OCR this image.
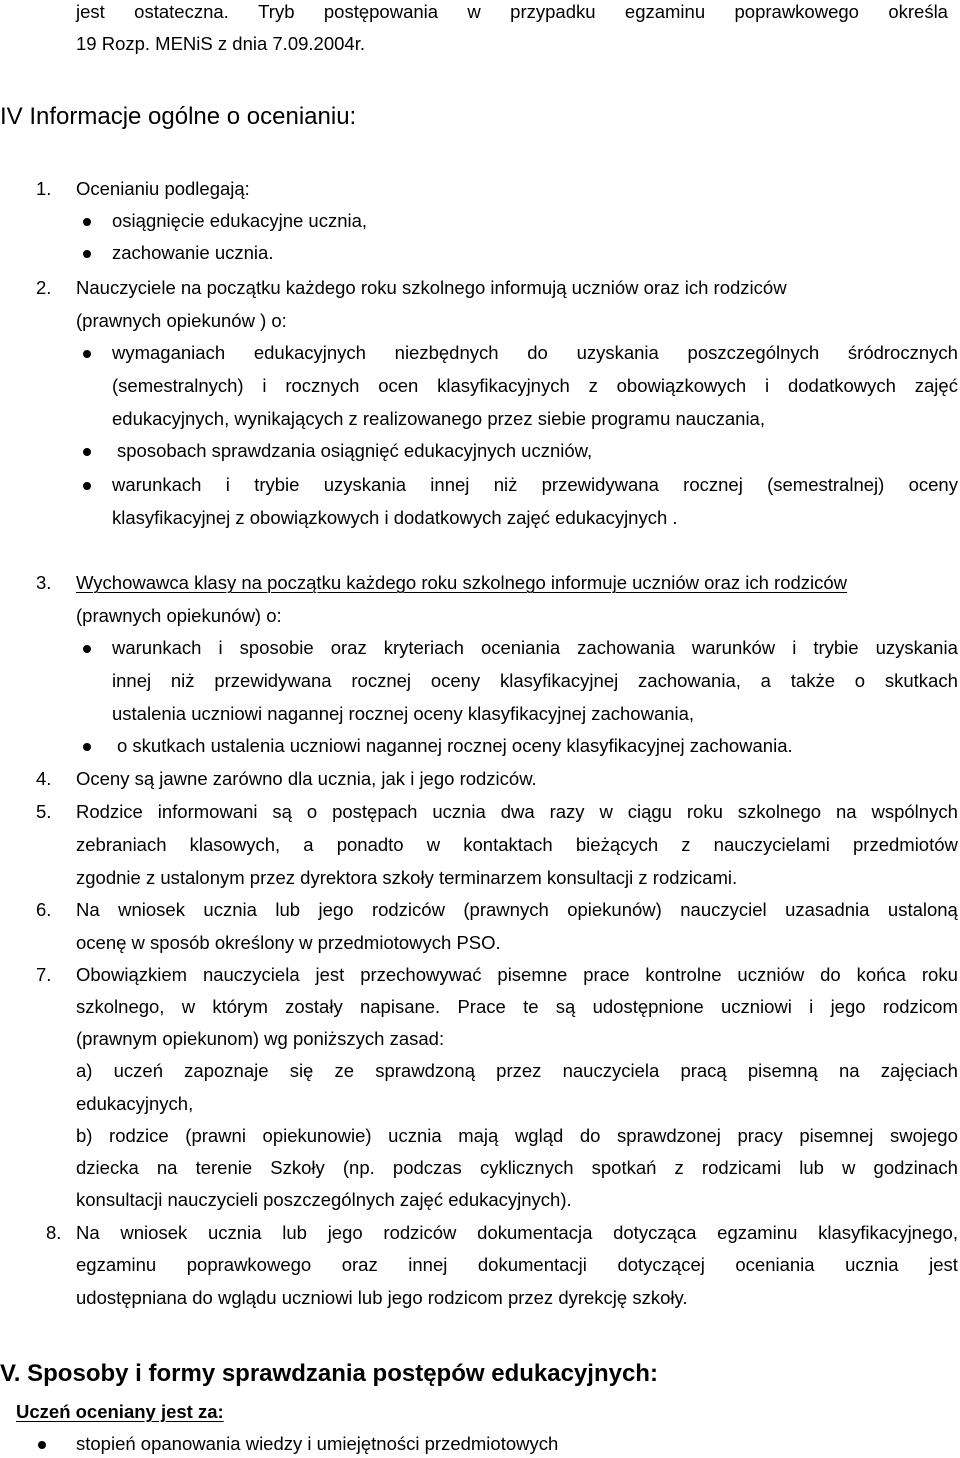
jest ostateczna. Tryb postępowania w przypadku egzaminu poprawkowego określa
19 Rozp. MENiS z dnia 7.09.2004r.
IV Informacje ogólne o ocenianiu:
1. Ocenianiu podlegają:
osiągnięcie edukacyjne ucznia,
zachowanie ucznia.
2. Nauczyciele na początku każdego roku szkolnego informują uczniów oraz ich rodziców
(prawnych opiekunów ) o:
wymaganiach edukacyjnych niezbędnych do uzyskania poszczególnych śródrocznych
(semestralnych) i rocznych ocen klasyfikacyjnych z obowiązkowych i dodatkowych zajęć
edukacyjnych, wynikających z realizowanego przez siebie programu nauczania,
sposobach sprawdzania osiągnięć edukacyjnych uczniów,
warunkach i trybie uzyskania innej niż przewidywana rocznej (semestralnej) oceny
klasyfikacyjnej z obowiązkowych i dodatkowych zajęć edukacyjnych .
3. Wychowawca klasy na początku każdego roku szkolnego informuje uczniów oraz ich rodziców
(prawnych opiekunów) o:
warunkach i sposobie oraz kryteriach oceniania zachowania warunków i trybie uzyskania
innej niż przewidywana rocznej oceny klasyfikacyjnej zachowania, a także o skutkach
ustalenia uczniowi nagannej rocznej oceny klasyfikacyjnej zachowania,
o skutkach ustalenia uczniowi nagannej rocznej oceny klasyfikacyjnej zachowania.
4. Oceny są jawne zarówno dla ucznia, jak i jego rodziców.
5. Rodzice informowani są o postępach ucznia dwa razy w ciągu roku szkolnego na wspólnych
zebraniach klasowych, a ponadto w kontaktach bieżących z nauczycielami przedmiotów
zgodnie z ustalonym przez dyrektora szkoły terminarzem konsultacji z rodzicami.
6. Na wniosek ucznia lub jego rodziców (prawnych opiekunów) nauczyciel uzasadnia ustaloną
ocenę w sposób określony w przedmiotowych PSO.
7. Obowiązkiem nauczyciela jest przechowywać pisemne prace kontrolne uczniów do końca roku
szkolnego, w którym zostały napisane. Prace te są udostępnione uczniowi i jego rodzicom
(prawnym opiekunom) wg poniższych zasad:
a) uczeń zapoznaje się ze sprawdzoną przez nauczyciela pracą pisemną na zajęciach
edukacyjnych,
b) rodzice (prawni opiekunowie) ucznia mają wgląd do sprawdzonej pracy pisemnej swojego
dziecka na terenie Szkoły (np. podczas cyklicznych spotkań z rodzicami lub w godzinach
konsultacji nauczycieli poszczególnych zajęć edukacyjnych).
8. Na wniosek ucznia lub jego rodziców dokumentacja dotycząca egzaminu klasyfikacyjnego,
egzaminu poprawkowego oraz innej dokumentacji dotyczącej oceniania ucznia jest
udostępniana do wglądu uczniowi lub jego rodzicom przez dyrekcję szkoły.
V. Sposoby i formy sprawdzania postępów edukacyjnych:
Uczeń oceniany jest za:
stopień opanowania wiedzy i umiejętności przedmiotowych
